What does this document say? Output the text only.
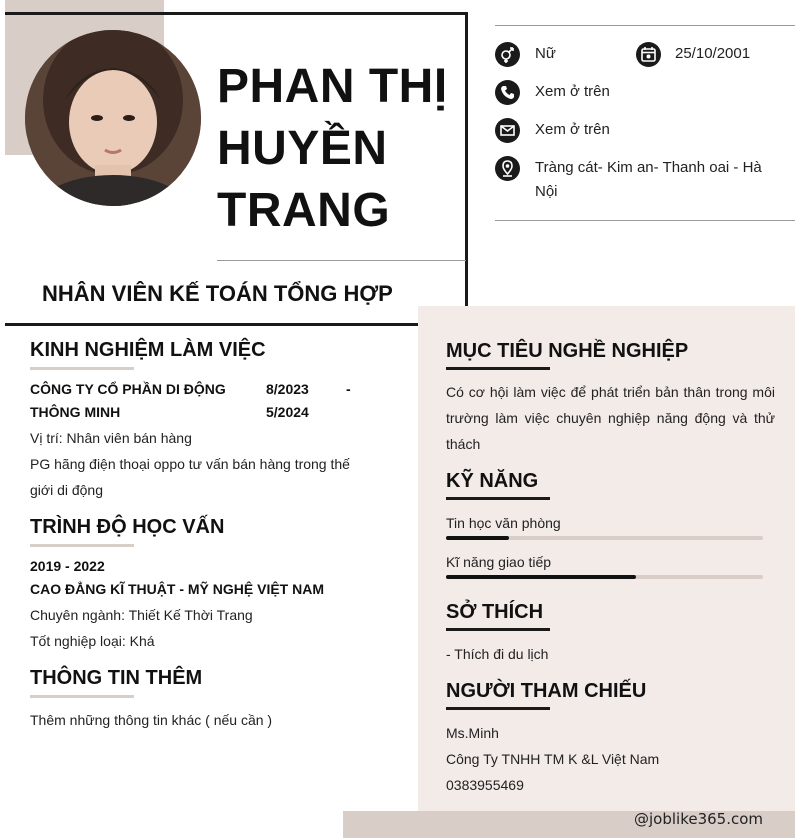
PHAN THỊ
HUYỀN
TRANG
NHÂN VIÊN KẾ TOÁN TỔNG HỢP
Nữ	25/10/2001
Xem ở trên
Xem ở trên
Tràng cát- Kim an- Thanh oai - Hà Nội
KINH NGHIỆM LÀM VIỆC
CÔNG TY CỔ PHẦN DI ĐỘNG
THÔNG MINH
8/2023	-
5/2024
Vị trí: Nhân viên bán hàng
PG hãng điện thoại oppo tư vấn bán hàng trong thế
giới di động
TRÌNH ĐỘ HỌC VẤN
2019 - 2022
CAO ĐẲNG KĨ THUẬT - MỸ NGHỆ VIỆT NAM
Chuyên ngành: Thiết Kế Thời Trang
Tốt nghiệp loại: Khá
THÔNG TIN THÊM
Thêm những thông tin khác ( nếu cần )
MỤC TIÊU NGHỀ NGHIỆP
Có cơ hội làm việc để phát triển bản thân trong môi
trường làm việc chuyên nghiệp năng động và thử
thách
KỸ NĂNG
Tin học văn phòng
Kĩ năng giao tiếp
SỞ THÍCH
- Thích đi du lịch
NGƯỜI THAM CHIẾU
Ms.Minh
Công Ty TNHH TM K &L Việt Nam
0383955469
@joblike365.com
